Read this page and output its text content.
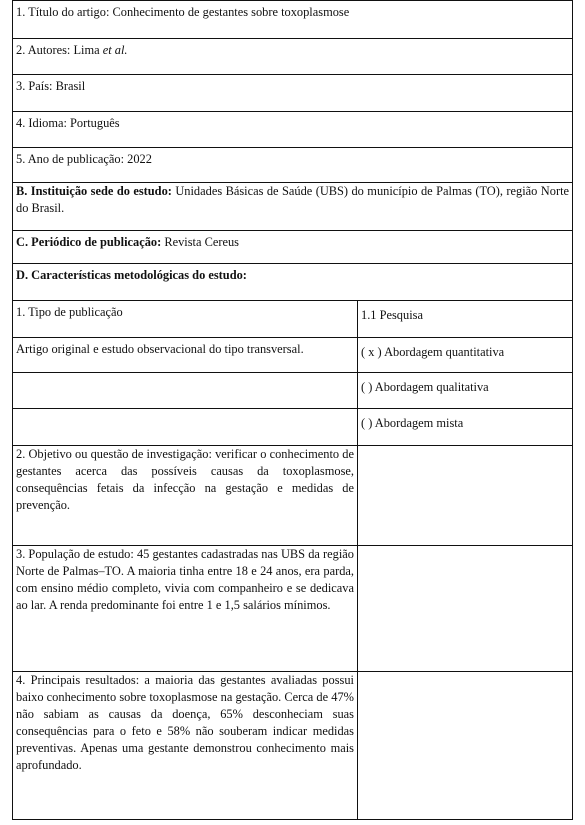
1. Título do artigo: Conhecimento de gestantes sobre toxoplasmose	
2. Autores: Lima et al.	
3. País: Brasil	
4. Idioma: Português	
5. Ano de publicação: 2022	
B. Instituição sede do estudo: Unidades Básicas de Saúde (UBS) do município de Palmas (TO), região Norte do Brasil.	
C. Periódico de publicação: Revista Cereus	
D. Características metodológicas do estudo:	
1. Tipo de publicação	1.1 Pesquisa
Artigo original e estudo observacional do tipo transversal.	( x ) Abordagem quantitativa
	( ) Abordagem qualitativa
	( ) Abordagem mista
2. Objetivo ou questão de investigação: verificar o conhecimento de gestantes acerca das possíveis causas da toxoplasmose, consequências fetais da infecção na gestação e medidas de prevenção.	
3. População de estudo: 45 gestantes cadastradas nas UBS da região Norte de Palmas–TO. A maioria tinha entre 18 e 24 anos, era parda, com ensino médio completo, vivia com companheiro e se dedicava ao lar. A renda predominante foi entre 1 e 1,5 salários mínimos.	
4. Principais resultados: a maioria das gestantes avaliadas possui baixo conhecimento sobre toxoplasmose na gestação. Cerca de 47% não sabiam as causas da doença, 65% desconheciam suas consequências para o feto e 58% não souberam indicar medidas preventivas. Apenas uma gestante demonstrou conhecimento mais aprofundado.	
